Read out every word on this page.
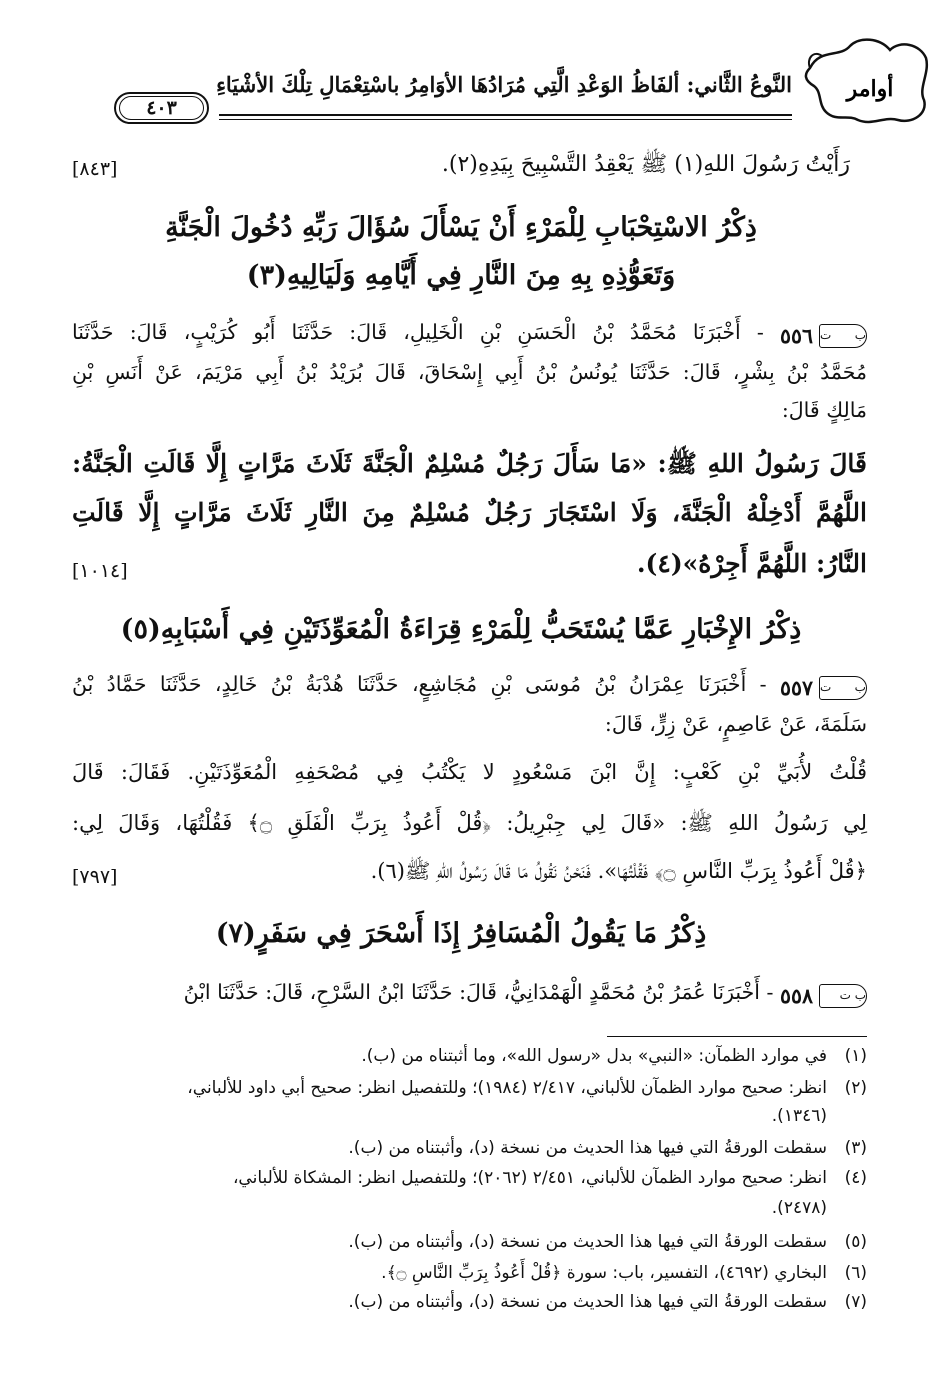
أوامر
النَّوعُ الثَّاني: ألفَاظُ الوَعْدِ الَّتِي مُرَادُهَا الأوَامِرُ باسْتِعْمَالِ تِلْكَ الأشْيَاءِ
٤٠٣
رَأَيْتُ رَسُولَ اللهِ(١) ﷺ يَعْقِدُ التَّسْبِيحَ بِيَدِهِ(٢).
[٨٤٣]
ذِكْرُ الاسْتِحْبَابِ لِلْمَرْءِ أَنْ يَسْأَلَ سُؤَالَ رَبِّهِ دُخُولَ الْجَنَّةِ
وَتَعَوُّذِهِ بِهِ مِنَ النَّارِ فِي أَيَّامِهِ وَلَيَالِيهِ(٣)
ب ت
٥٥٦
- أَخْبَرَنَا مُحَمَّدُ بْنُ الْحَسَنِ بْنِ الْخَلِيلِ، قَالَ: حَدَّثَنَا أَبُو كُرَيْبٍ، قَالَ: حَدَّثَنَا
مُحَمَّدُ بْنُ بِشْرٍ، قَالَ: حَدَّثَنَا يُونُسُ بْنُ أَبِي إِسْحَاقَ، قَالَ بُرَيْدُ بْنُ أَبِي مَرْيَمَ، عَنْ أَنَسِ بْنِ
مَالِكٍ قَالَ:
قَالَ رَسُولُ اللهِ ﷺ: «مَا سَأَلَ رَجُلٌ مُسْلِمٌ الْجَنَّةَ ثَلَاثَ مَرَّاتٍ إِلَّا قَالَتِ الْجَنَّةُ:
اللَّهُمَّ أَدْخِلْهُ الْجَنَّةَ، وَلَا اسْتَجَارَ رَجُلٌ مُسْلِمٌ مِنَ النَّارِ ثَلَاثَ مَرَّاتٍ إِلَّا قَالَتِ
النَّارُ: اللَّهُمَّ أَجِرْهُ»(٤).
[١٠١٤]
ذِكْرُ الإِخْبَارِ عَمَّا يُسْتَحَبُّ لِلْمَرْءِ قِرَاءَةُ الْمُعَوِّذَتَيْنِ فِي أَسْبَابِهِ(٥)
ب ت
٥٥٧
- أَخْبَرَنَا عِمْرَانُ بْنُ مُوسَى بْنِ مُجَاشِعٍ، حَدَّثَنَا هُدْبَةُ بْنُ خَالِدٍ، حَدَّثَنَا حَمَّادُ بْنُ
سَلَمَةَ، عَنْ عَاصِمٍ، عَنْ زِرٍّ، قَالَ:
قُلْتُ لأُبَيِّ بْنِ كَعْبٍ: إِنَّ ابْنَ مَسْعُودٍ لا يَكْتُبُ فِي مُصْحَفِهِ الْمُعَوِّذَتَيْنِ. فَقَالَ: قَالَ
لِي رَسُولُ اللهِ ﷺ: «قَالَ لِي جِبْرِيلُ: ﴿قُلْ أَعُوذُ بِرَبِّ الْفَلَقِ ۝﴾ فَقُلْتُهَا، وَقَالَ لِي:
﴿قُلْ أَعُوذُ بِرَبِّ النَّاسِ ۝﴾ فَقُلْتُهَا». فَنَحْنُ نَقُولُ مَا قَالَ رَسُولُ اللهِ ﷺ(٦).
[٧٩٧]
ذِكْرُ مَا يَقُولُ الْمُسَافِرُ إِذَا أَسْحَرَ فِي سَفَرٍ(٧)
ب ت
٥٥٨
- أَخْبَرَنَا عُمَرُ بْنُ مُحَمَّدٍ الْهَمْدَانِيُّ، قَالَ: حَدَّثَنَا ابْنُ السَّرْحِ، قَالَ: حَدَّثَنَا ابْنُ
(١)في موارد الظمآن: «النبي» بدل «رسول الله»، وما أثبتناه من (ب).
(٢)انظر: صحيح موارد الظمآن للألباني، ٢/٤١٧ (١٩٨٤)؛ وللتفصيل انظر: صحيح أبي داود للألباني،
(١٣٤٦).
(٣)سقطت الورقةُ التي فيها هذا الحديث من نسخة (د)، وأثبتناه من (ب).
(٤)انظر: صحيح موارد الظمآن للألباني، ٢/٤٥١ (٢٠٦٢)؛ وللتفصيل انظر: المشكاة للألباني،
(٢٤٧٨).
(٥)سقطت الورقةُ التي فيها هذا الحديث من نسخة (د)، وأثبتناه من (ب).
(٦)البخاري (٤٦٩٢)، التفسير، باب: سورة ﴿قُلْ أَعُوذُ بِرَبِّ النَّاسِ ۝﴾.
(٧)سقطت الورقةُ التي فيها هذا الحديث من نسخة (د)، وأثبتناه من (ب).
